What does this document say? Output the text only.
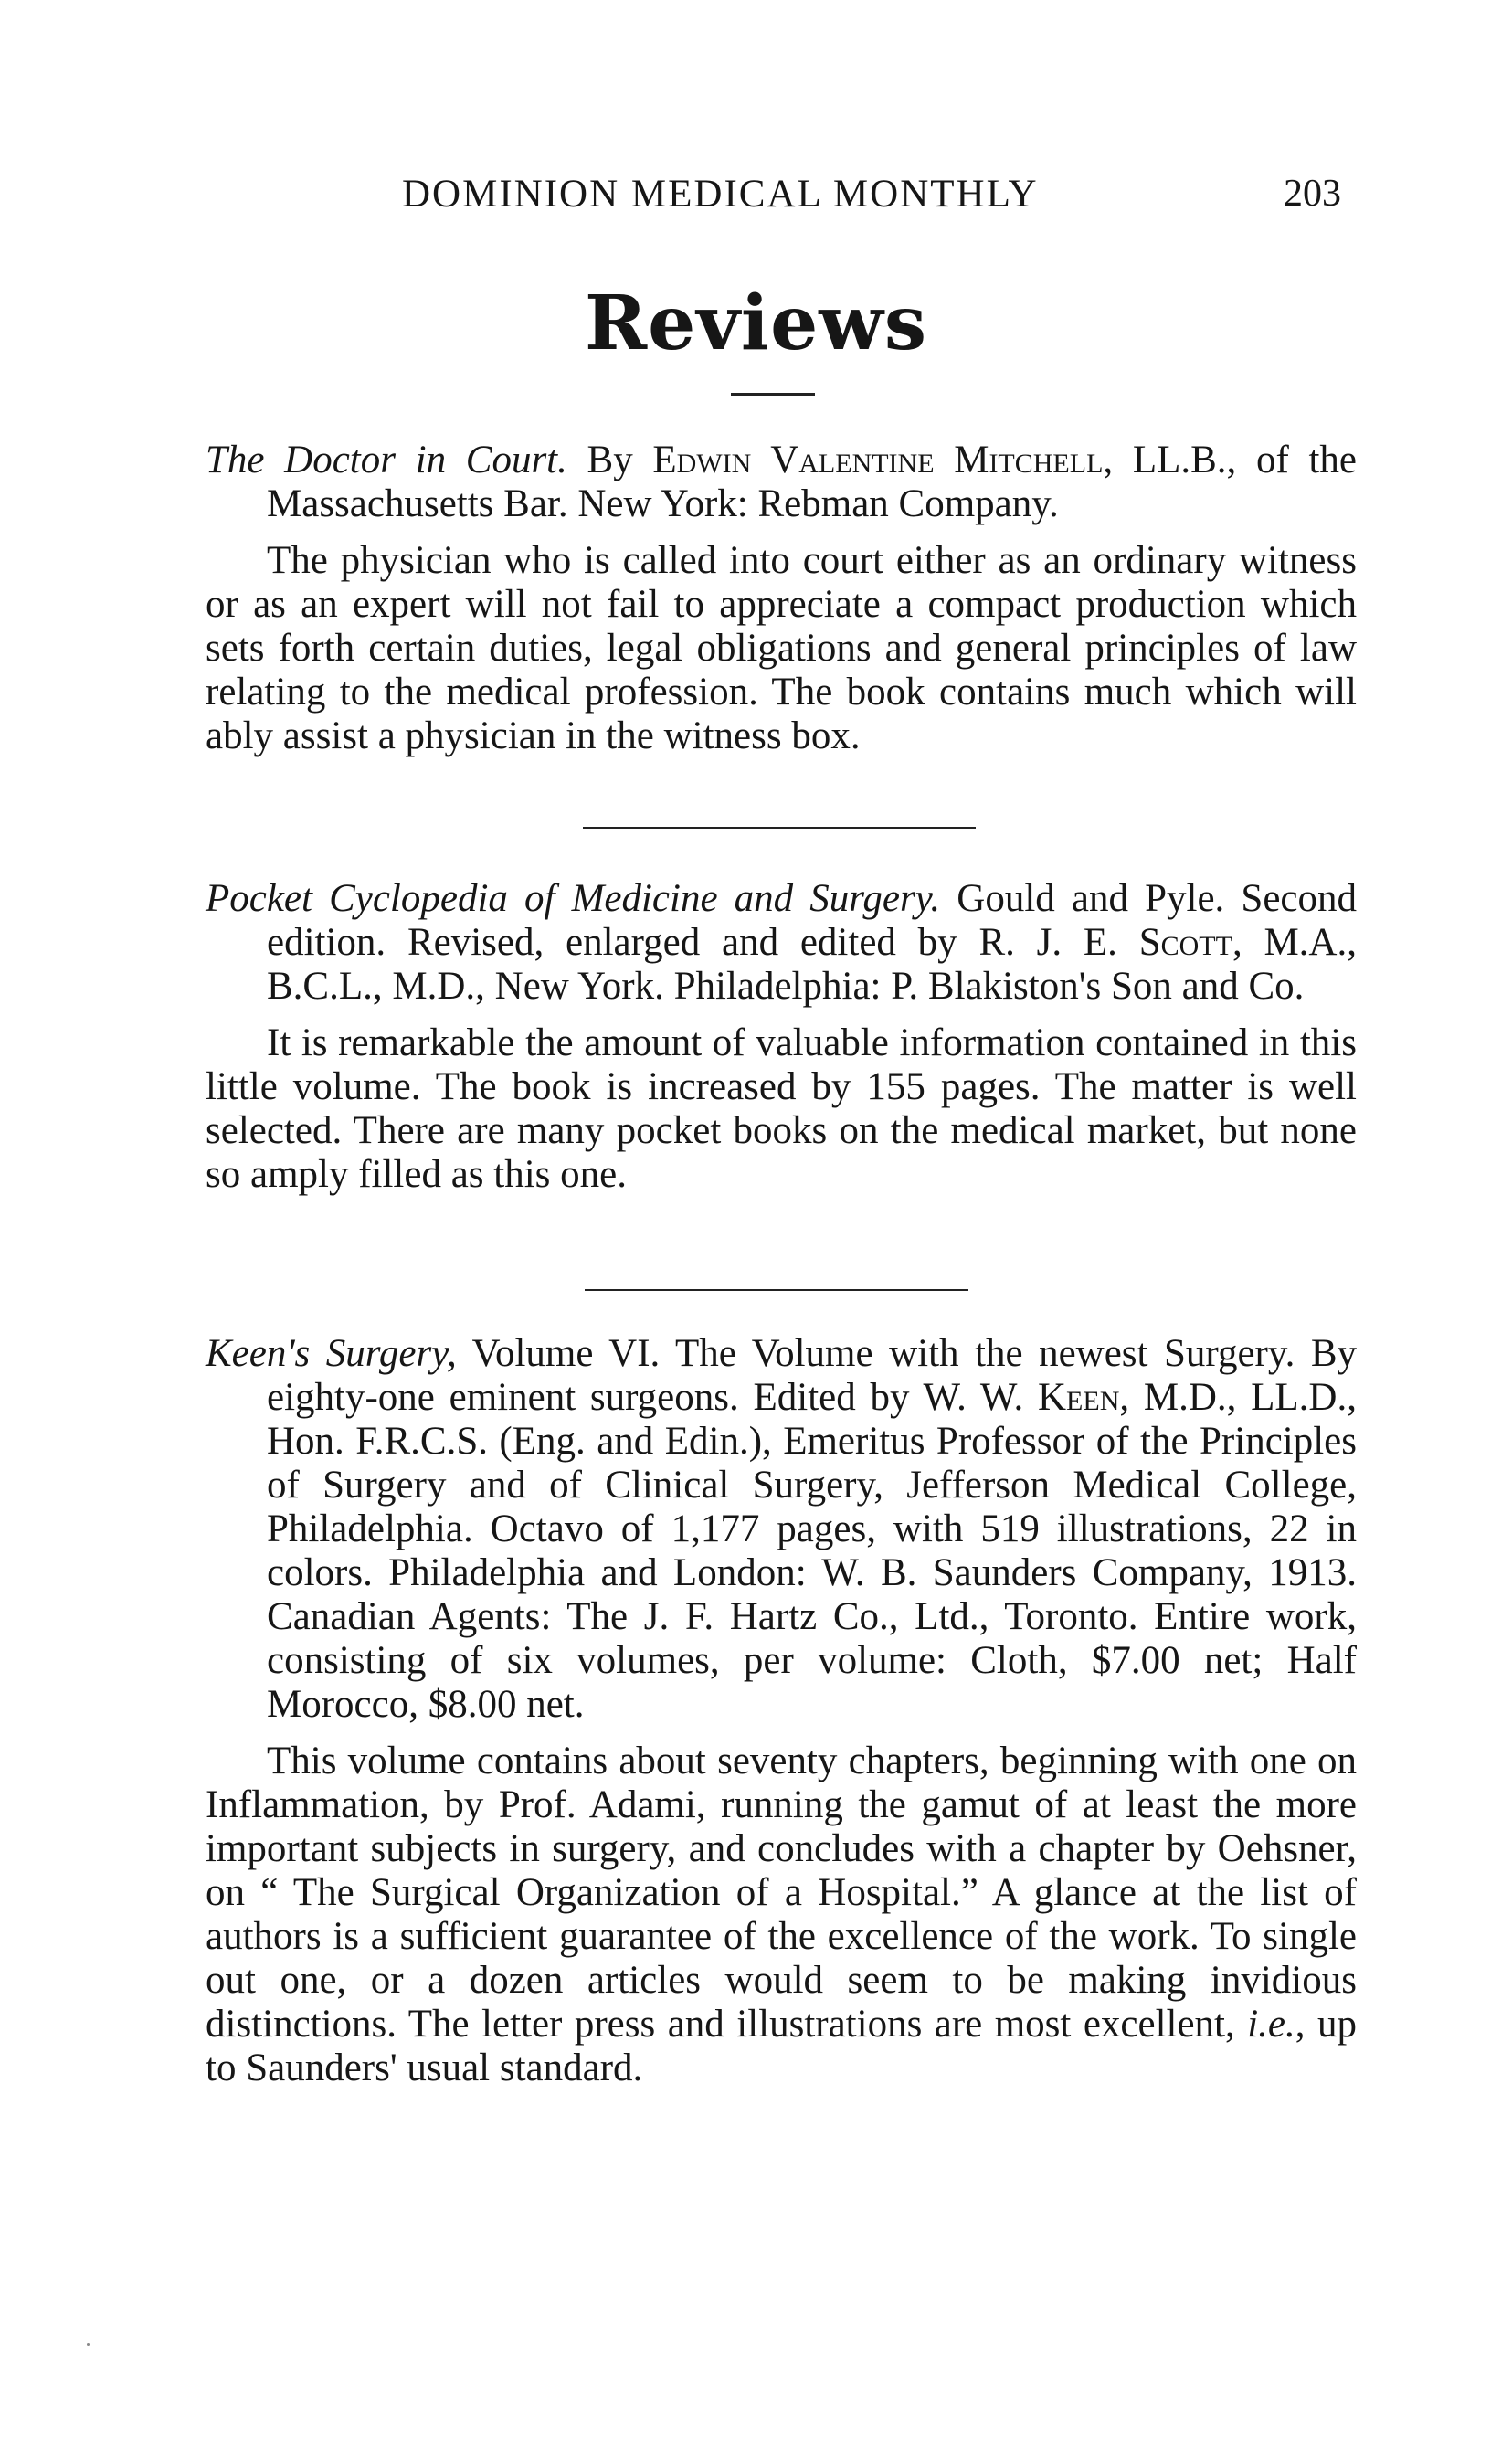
DOMINION MEDICAL MONTHLY	203
Reviews

The Doctor in Court. By Edwin Valentine Mitchell, LL.B., of the Massachusetts Bar. New York: Rebman Company.

The physician who is called into court either as an ordinary witness or as an expert will not fail to appreciate a compact production which sets forth certain duties, legal obligations and general principles of law relating to the medical profession. The book contains much which will ably assist a physician in the witness box.

Pocket Cyclopedia of Medicine and Surgery. Gould and Pyle. Second edition. Revised, enlarged and edited by R. J. E. Scott, M.A., B.C.L., M.D., New York. Philadelphia: P. Blakiston's Son and Co.

It is remarkable the amount of valuable information contained in this little volume. The book is increased by 155 pages. The matter is well selected. There are many pocket books on the medical market, but none so amply filled as this one.

Keen's Surgery, Volume VI. The Volume with the newest Surgery. By eighty-one eminent surgeons. Edited by W. W. Keen, M.D., LL.D., Hon. F.R.C.S. (Eng. and Edin.), Emeritus Professor of the Principles of Surgery and of Clinical Surgery, Jefferson Medical College, Philadelphia. Octavo of 1,177 pages, with 519 illustrations, 22 in colors. Philadelphia and London: W. B. Saunders Company, 1913. Canadian Agents: The J. F. Hartz Co., Ltd., Toronto. Entire work, consisting of six volumes, per volume: Cloth, $7.00 net; Half Morocco, $8.00 net.

This volume contains about seventy chapters, beginning with one on Inflammation, by Prof. Adami, running the gamut of at least the more important subjects in surgery, and concludes with a chapter by Oehsner, on “ The Surgical Organization of a Hospital.” A glance at the list of authors is a sufficient guarantee of the excellence of the work. To single out one, or a dozen articles would seem to be making invidious distinctions. The letter press and illustrations are most excellent, i.e., up to Saunders' usual standard.
